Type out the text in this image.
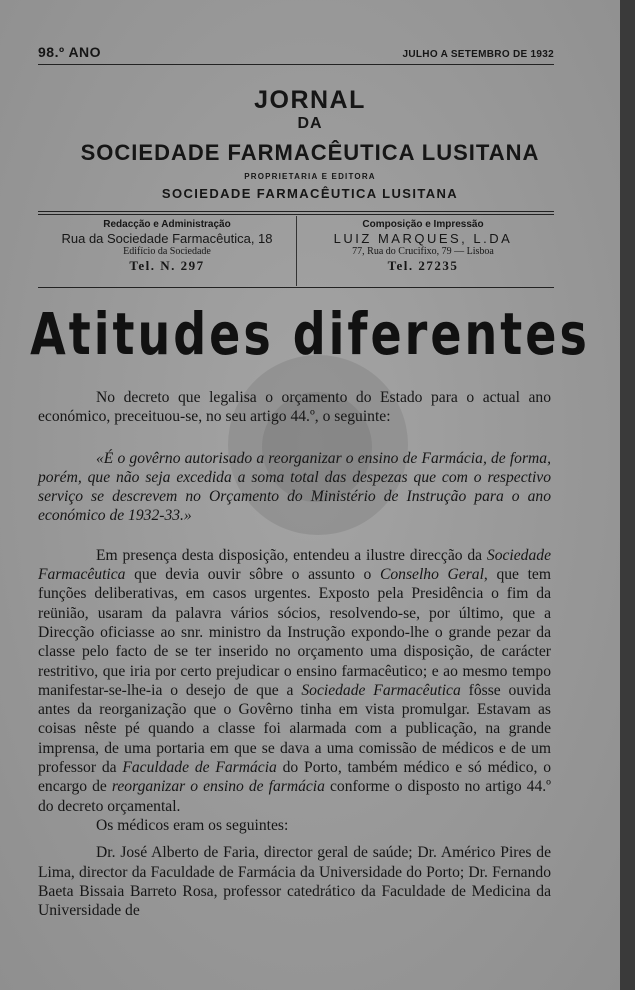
98.º ANO	JULHO A SETEMBRO DE 1932
JORNAL
DA
SOCIEDADE FARMACÊUTICA LUSITANA
PROPRIETARIA E EDITORA
SOCIEDADE FARMACÊUTICA LUSITANA
Redacção e Administração
Rua da Sociedade Farmacêutica, 18
Edifício da Sociedade
Tel. N. 297
Composição e Impressão
LUIZ MARQUES, L.DA
77, Rua do Crucifixo, 79 — Lisboa
Tel. 27235
Atitudes diferentes

No decreto que legalisa o orçamento do Estado para o actual ano económico, preceituou-se, no seu artigo 44.º, o seguinte:

«É o govêrno autorisado a reorganizar o ensino de Farmácia, de forma, porém, que não seja excedida a soma total das despezas que com o respectivo serviço se descrevem no Orçamento do Ministério de Instrução para o ano económico de 1932-33.»

Em presença desta disposição, entendeu a ilustre direcção da Sociedade Farmacêutica que devia ouvir sôbre o assunto o Conselho Geral, que tem funções deliberativas, em casos urgentes. Exposto pela Presidência o fim da reünião, usaram da palavra vários sócios, resolvendo-se, por último, que a Direcção oficiasse ao snr. ministro da Instrução expondo-lhe o grande pezar da classe pelo facto de se ter inserido no orçamento uma disposição, de carácter restritivo, que iria por certo prejudicar o ensino farmacêutico; e ao mesmo tempo manifestar-se-lhe-ia o desejo de que a Sociedade Farmacêutica fôsse ouvida antes da reorganização que o Govêrno tinha em vista promulgar. Estavam as coisas nêste pé quando a classe foi alarmada com a publicação, na grande imprensa, de uma portaria em que se dava a uma comissão de médicos e de um professor da Faculdade de Farmácia do Porto, também médico e só médico, o encargo de reorganizar o ensino de farmácia conforme o disposto no artigo 44.º do decreto orçamental.

Os médicos eram os seguintes:

Dr. José Alberto de Faria, director geral de saúde; Dr. Américo Pires de Lima, director da Faculdade de Farmácia da Universidade do Porto; Dr. Fernando Baeta Bissaia Barreto Rosa, professor catedrático da Faculdade de Medicina da Universidade de
